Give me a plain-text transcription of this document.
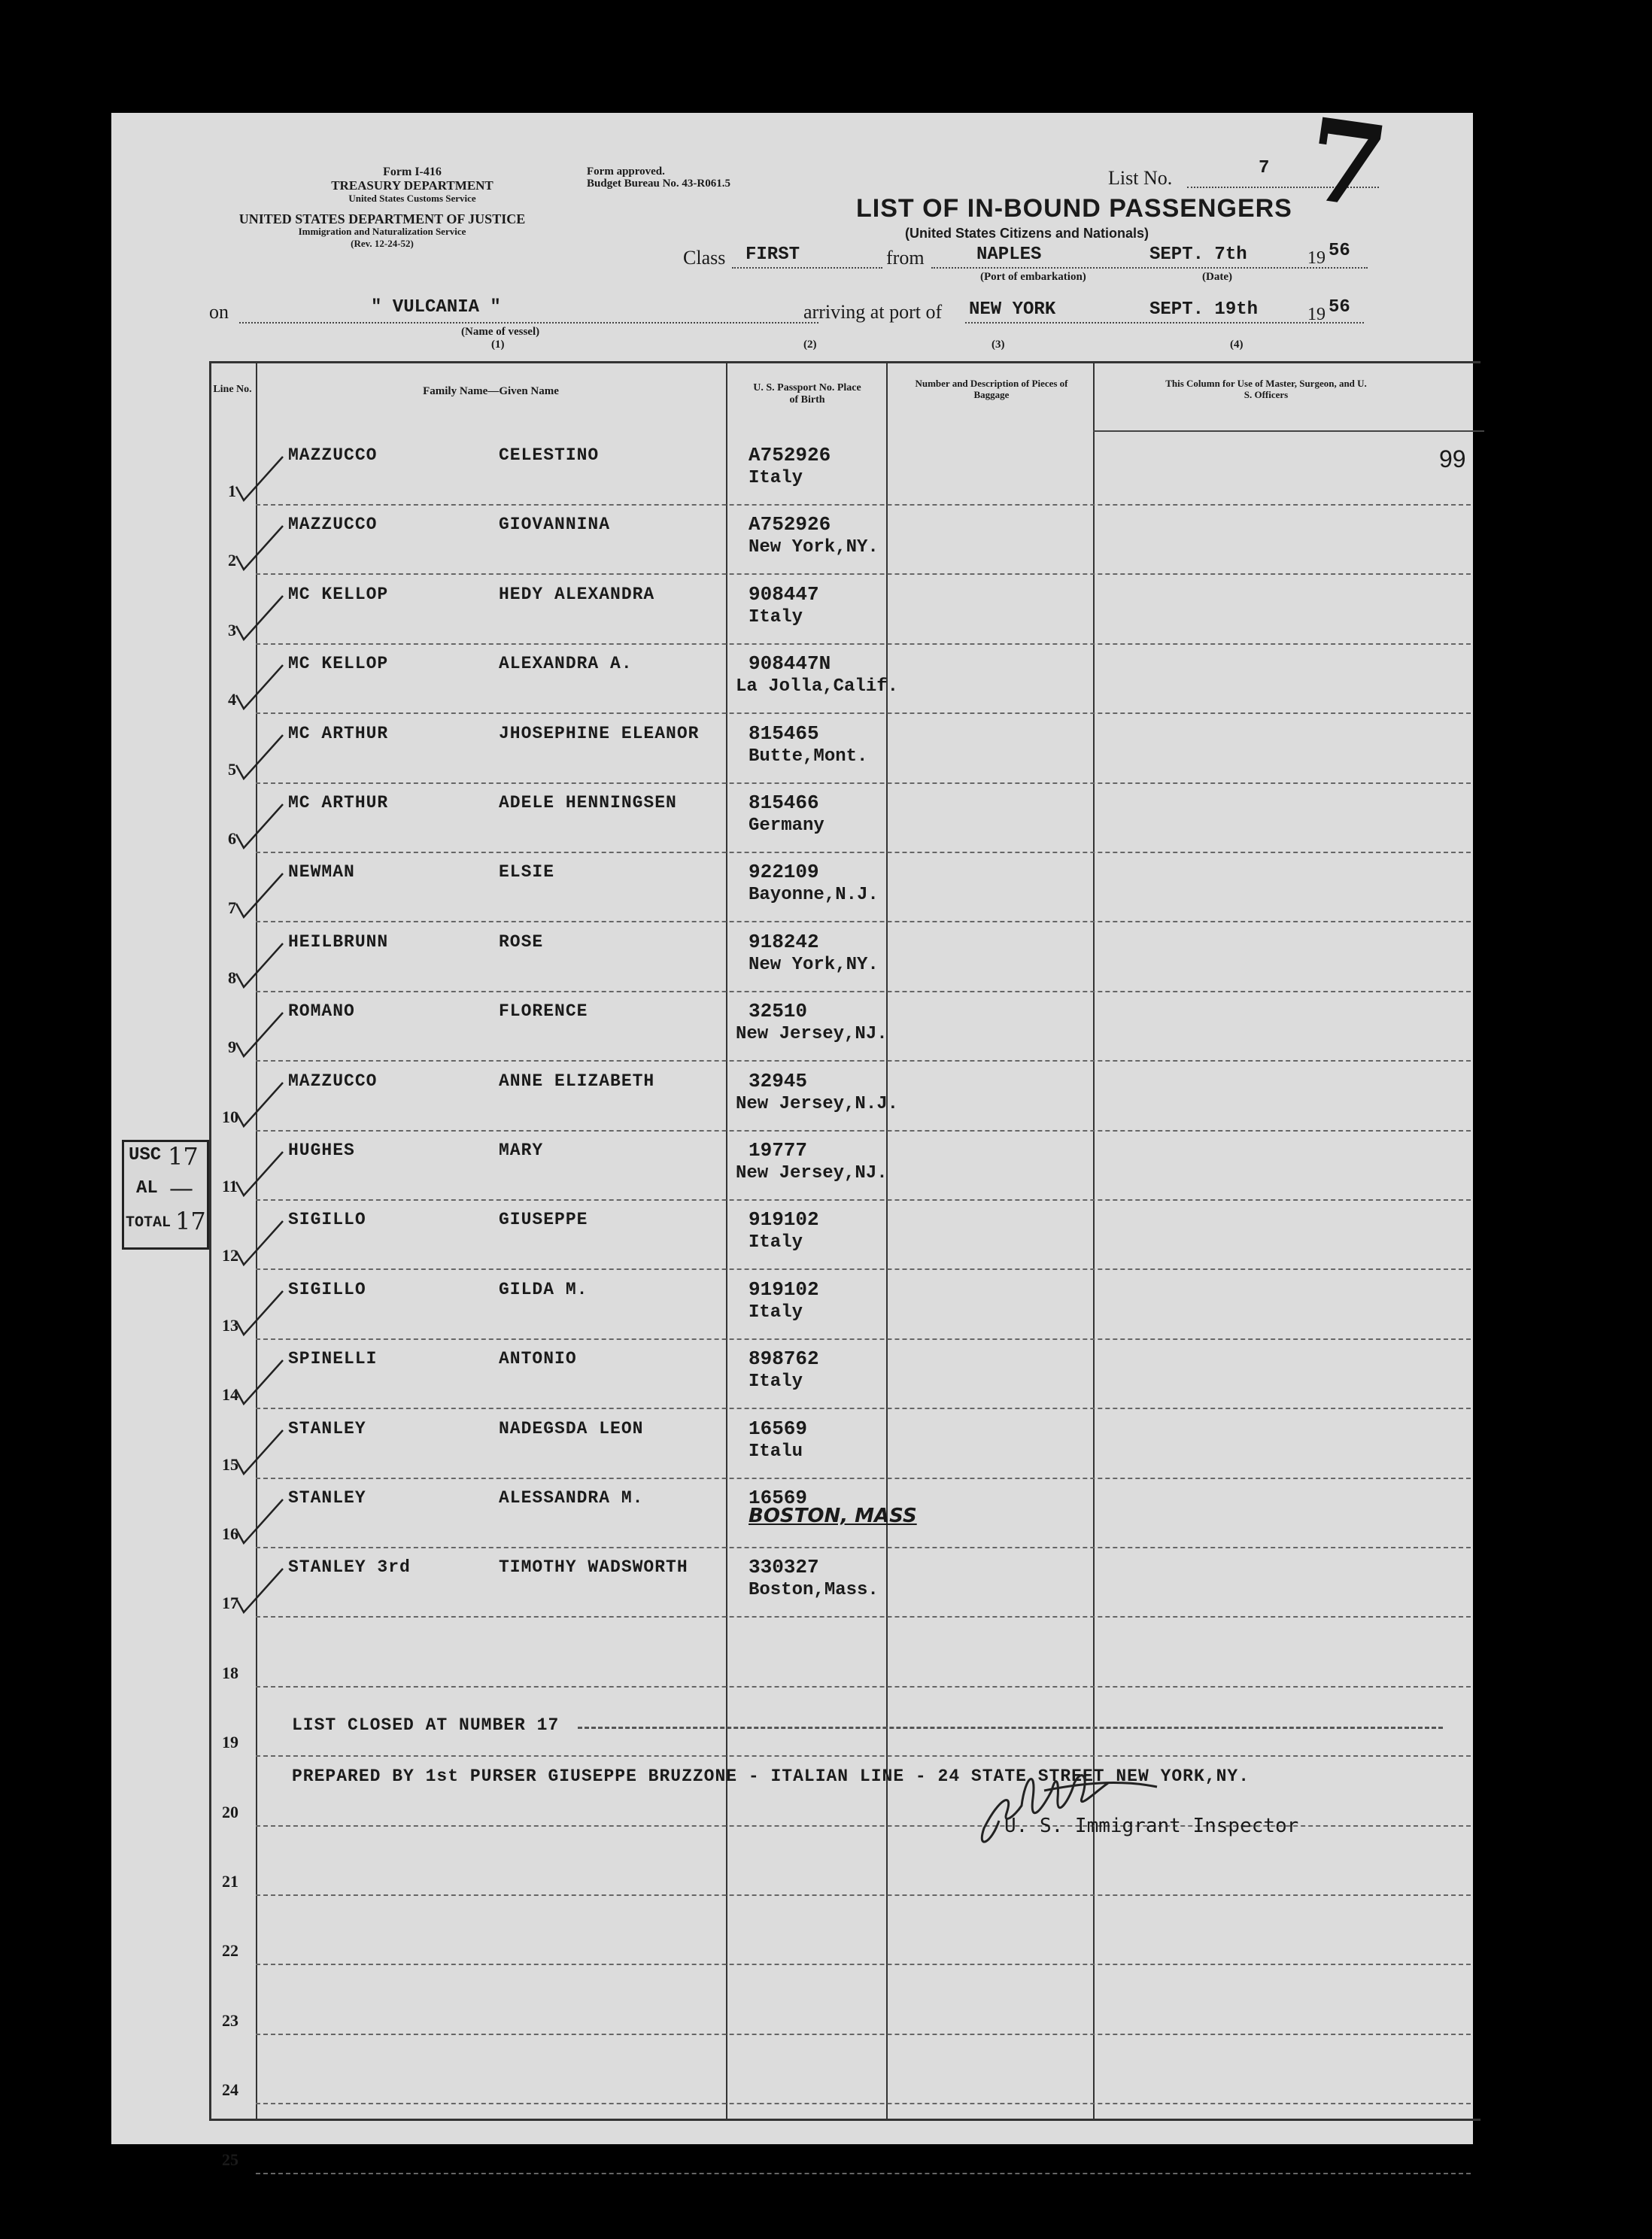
Form I-416
TREASURY DEPARTMENT
United States Customs Service
UNITED STATES DEPARTMENT OF JUSTICE
Immigration and Naturalization Service
(Rev. 12-24-52)
Form approved.
Budget Bureau No. 43-R061.5	List No.	7 7
LIST OF IN-BOUND PASSENGERS
(United States Citizens and Nationals)
Class FIRST	from	NAPLES	SEPT. 7th	19 56
(Port of embarkation)	(Date)
on	" VULCANIA "
(Name of vessel)
(1)
arriving at port of NEW YORK	SEPT. 19th	19 56
(2)	(3)	(4)
Line No.	Family Name—Given Name	U. S. Passport No. Place of Birth
Number and Description of Pieces of Baggage
This Column for Use of Master, Surgeon, and U. S. Officers
99
1
MAZZUCCO	CELESTINO	A752926
Italy
2
MAZZUCCO	GIOVANNINA	A752926
New York,NY.
3
MC KELLOP	HEDY ALEXANDRA	908447
Italy
4
MC KELLOP	ALEXANDRA A.	908447N
La Jolla,Calif.
5
MC ARTHUR	JHOSEPHINE ELEANOR	815465
Butte,Mont.
6
MC ARTHUR	ADELE HENNINGSEN	815466
Germany
7
NEWMAN	ELSIE	922109
Bayonne,N.J.
8
HEILBRUNN	ROSE	918242
New York,NY.
9
ROMANO	FLORENCE	32510
New Jersey,NJ.
10
MAZZUCCO	ANNE ELIZABETH	32945
New Jersey,N.J.
11
HUGHES	MARY	19777
New Jersey,NJ.
12
SIGILLO	GIUSEPPE	919102
Italy
13
SIGILLO	GILDA M.	919102
Italy
14
SPINELLI	ANTONIO	898762
Italy
15
STANLEY	NADEGSDA LEON	16569
Italu
16
STANLEY	ALESSANDRA M.	16569
BOSTON, MASS
17
STANLEY 3rd	TIMOTHY WADSWORTH	330327
Boston,Mass.
18
19
20
21
22
23
24
25
LIST CLOSED AT NUMBER 17
PREPARED BY 1st PURSER GIUSEPPE BRUZZONE - ITALIAN LINE - 24 STATE STREET NEW YORK,NY.
U. S. Immigrant Inspector
USC 17
AL —
TOTAL 17
